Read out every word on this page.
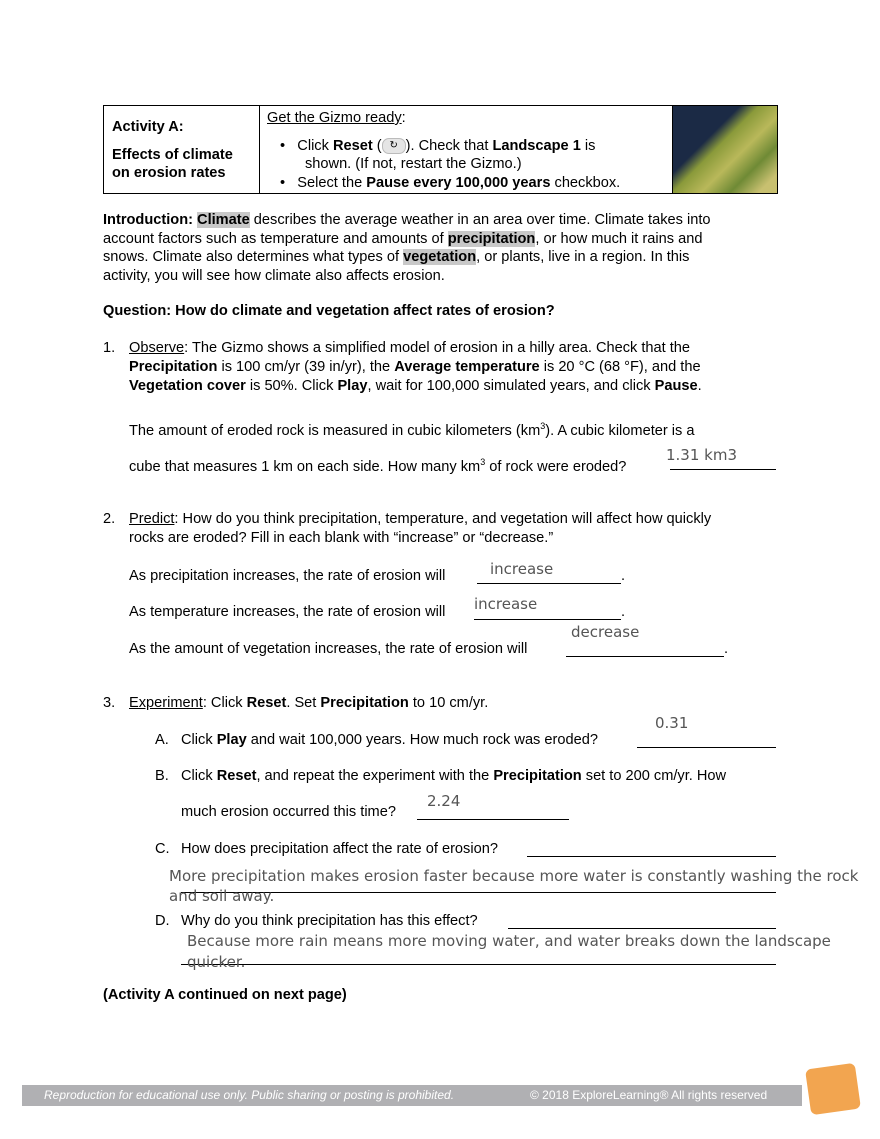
Activity A:
Effects of climate
on erosion rates
Get the Gizmo ready:
•   Click Reset ( ↻ ). Check that Landscape 1 is
shown. (If not, restart the Gizmo.)
•   Select the Pause every 100,000 years checkbox.
Introduction: Climate describes the average weather in an area over time. Climate takes into
account factors such as temperature and amounts of precipitation, or how much it rains and
snows. Climate also determines what types of vegetation, or plants, live in a region. In this
activity, you will see how climate also affects erosion.
Question: How do climate and vegetation affect rates of erosion?
1. Observe: The Gizmo shows a simplified model of erosion in a hilly area. Check that the
Precipitation is 100 cm/yr (39 in/yr), the Average temperature is 20 °C (68 °F), and the
Vegetation cover is 50%. Click Play, wait for 100,000 simulated years, and click Pause.
The amount of eroded rock is measured in cubic kilometers $(km^3)$. A cubic kilometer is a
cube that measures 1 km on each side. How many $km^3$ of rock were eroded?
1.31 km3
2. Predict: How do you think precipitation, temperature, and vegetation will affect how quickly
rocks are eroded? Fill in each blank with “increase” or “decrease.”
As precipitation increases, the rate of erosion will	.
increase
As temperature increases, the rate of erosion will	.
increase
As the amount of vegetation increases, the rate of erosion will	.
decrease
3. Experiment: Click Reset. Set Precipitation to 10 cm/yr.
A. Click Play and wait 100,000 years. How much rock was eroded?
0.31
B. Click Reset, and repeat the experiment with the Precipitation set to 200 cm/yr. How
much erosion occurred this time?
2.24
C. How does precipitation affect the rate of erosion?
More precipitation makes erosion faster because more water is constantly washing the rock
and soil away.
D. Why do you think precipitation has this effect?
Because more rain means more moving water, and water breaks down the landscape
quicker.
(Activity A continued on next page)
Reproduction for educational use only. Public sharing or posting is prohibited.	© 2018 ExploreLearning® All rights reserved
